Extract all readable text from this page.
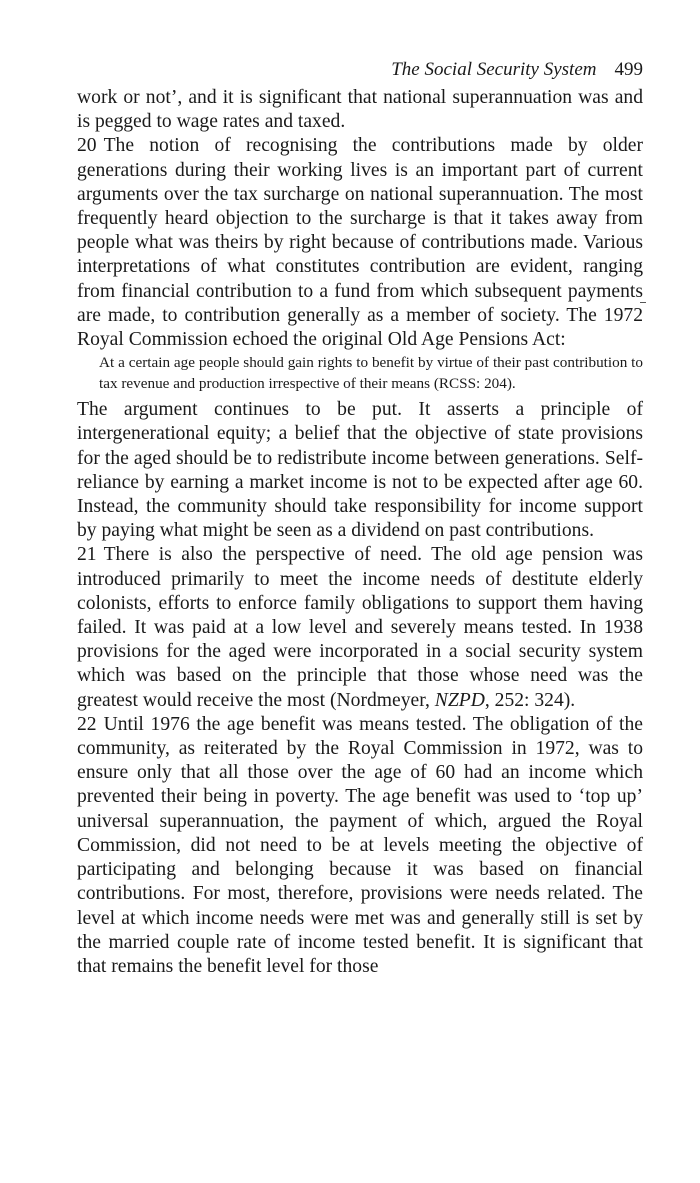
The Social Security System 499

work or not’, and it is significant that national superannuation was and is pegged to wage rates and taxed.

20 The notion of recognising the contributions made by older generations during their working lives is an important part of current arguments over the tax surcharge on national superannuation. The most frequently heard objection to the surcharge is that it takes away from people what was theirs by right because of contributions made. Various interpretations of what constitutes contribution are evident, ranging from financial contribution to a fund from which subsequent payments are made, to contribution generally as a member of society. The 1972 Royal Commission echoed the original Old Age Pensions Act:

At a certain age people should gain rights to benefit by virtue of their past contribution to tax revenue and production irrespective of their means (RCSS: 204).

The argument continues to be put. It asserts a principle of intergenerational equity; a belief that the objective of state provisions for the aged should be to redistribute income between generations. Self-reliance by earning a market income is not to be expected after age 60. Instead, the community should take responsibility for income support by paying what might be seen as a dividend on past contributions.

21 There is also the perspective of need. The old age pension was introduced primarily to meet the income needs of destitute elderly colonists, efforts to enforce family obligations to support them having failed. It was paid at a low level and severely means tested. In 1938 provisions for the aged were incorporated in a social security system which was based on the principle that those whose need was the greatest would receive the most (Nordmeyer, NZPD, 252: 324).

22 Until 1976 the age benefit was means tested. The obligation of the community, as reiterated by the Royal Commission in 1972, was to ensure only that all those over the age of 60 had an income which prevented their being in poverty. The age benefit was used to ‘top up’ universal superannuation, the payment of which, argued the Royal Commission, did not need to be at levels meeting the objective of participating and belonging because it was based on financial contributions. For most, therefore, provisions were needs related. The level at which income needs were met was and generally still is set by the married couple rate of income tested benefit. It is significant that that remains the benefit level for those
